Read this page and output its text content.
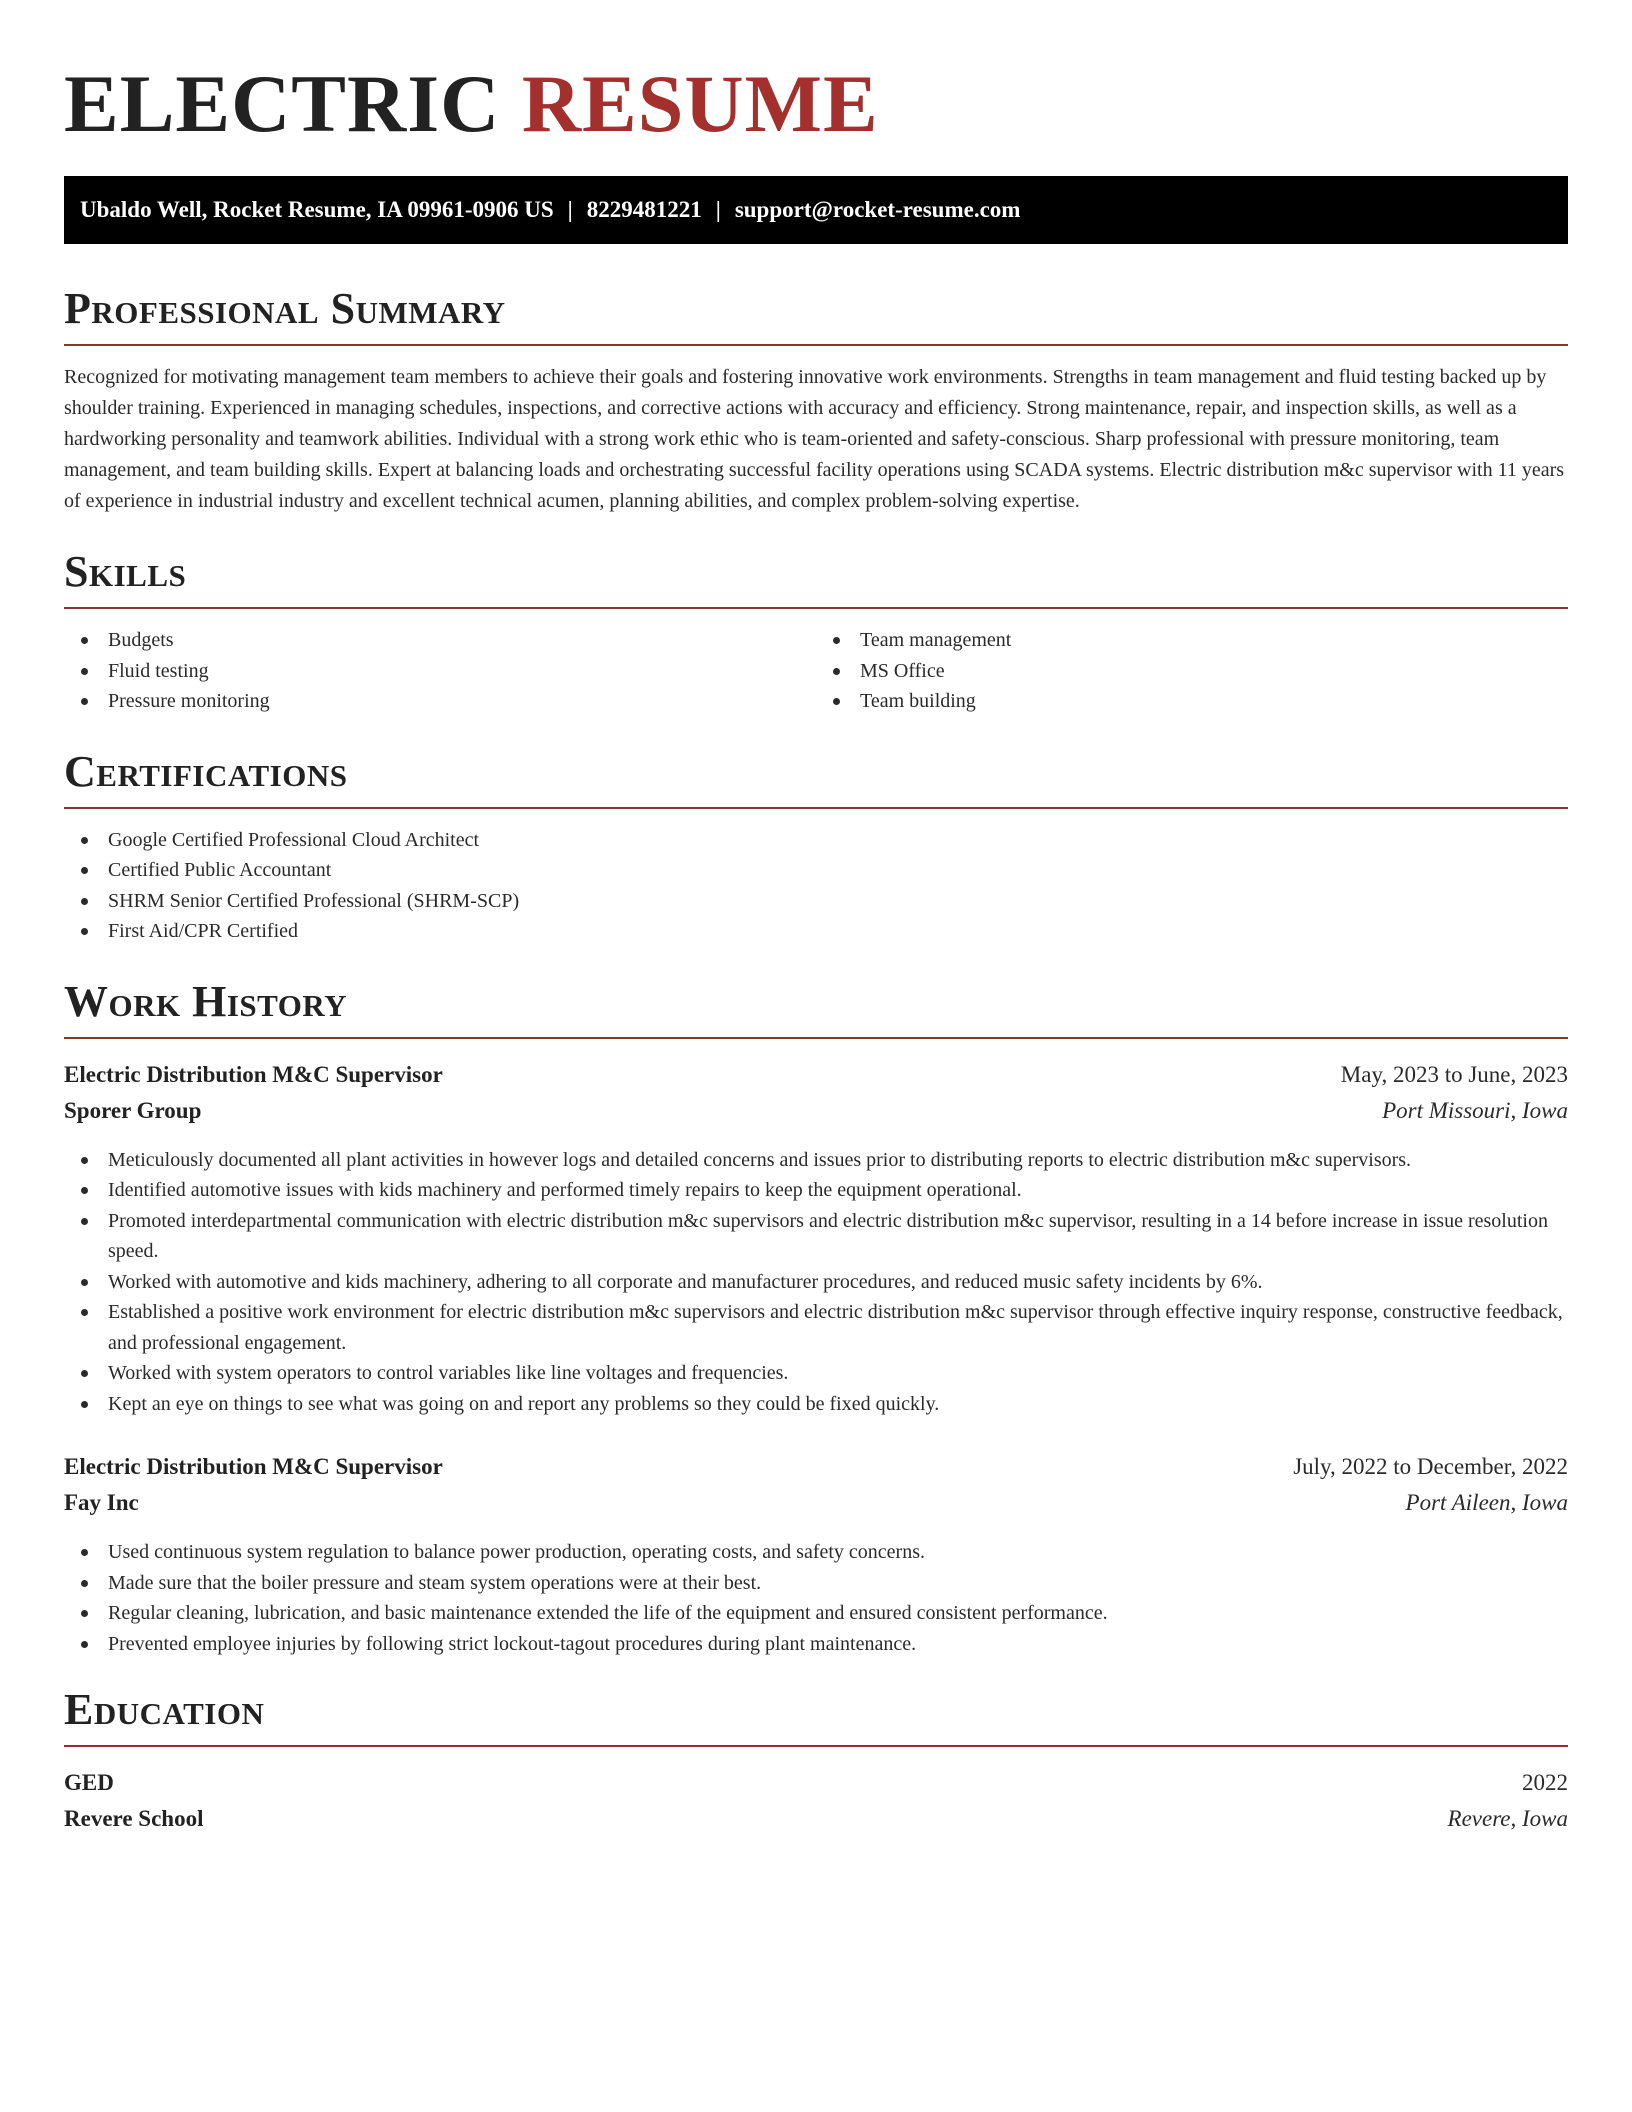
ELECTRIC RESUME
Ubaldo Well, Rocket Resume, IA 09961-0906 US | 8229481221 | support@rocket-resume.com
Professional Summary

Recognized for motivating management team members to achieve their goals and fostering innovative work environments. Strengths in team management and fluid testing backed up by shoulder training. Experienced in managing schedules, inspections, and corrective actions with accuracy and efficiency. Strong maintenance, repair, and inspection skills, as well as a hardworking personality and teamwork abilities. Individual with a strong work ethic who is team-oriented and safety-conscious. Sharp professional with pressure monitoring, team management, and team building skills. Expert at balancing loads and orchestrating successful facility operations using SCADA systems. Electric distribution m&c supervisor with 11 years of experience in industrial industry and excellent technical acumen, planning abilities, and complex problem-solving expertise.

Skills
Budgets
Fluid testing
Pressure monitoring
Team management
MS Office
Team building
Certifications
Google Certified Professional Cloud Architect
Certified Public Accountant
SHRM Senior Certified Professional (SHRM-SCP)
First Aid/CPR Certified
Work History
Electric Distribution M&C Supervisor	May, 2023 to June, 2023
Sporer Group	Port Missouri, Iowa
Meticulously documented all plant activities in however logs and detailed concerns and issues prior to distributing reports to electric distribution m&c supervisors.
Identified automotive issues with kids machinery and performed timely repairs to keep the equipment operational.
Promoted interdepartmental communication with electric distribution m&c supervisors and electric distribution m&c supervisor, resulting in a 14 before increase in issue resolution speed.
Worked with automotive and kids machinery, adhering to all corporate and manufacturer procedures, and reduced music safety incidents by 6%.
Established a positive work environment for electric distribution m&c supervisors and electric distribution m&c supervisor through effective inquiry response, constructive feedback, and professional engagement.
Worked with system operators to control variables like line voltages and frequencies.
Kept an eye on things to see what was going on and report any problems so they could be fixed quickly.
Electric Distribution M&C Supervisor	July, 2022 to December, 2022
Fay Inc	Port Aileen, Iowa
Used continuous system regulation to balance power production, operating costs, and safety concerns.
Made sure that the boiler pressure and steam system operations were at their best.
Regular cleaning, lubrication, and basic maintenance extended the life of the equipment and ensured consistent performance.
Prevented employee injuries by following strict lockout-tagout procedures during plant maintenance.
Education
GED	2022
Revere School	Revere, Iowa
